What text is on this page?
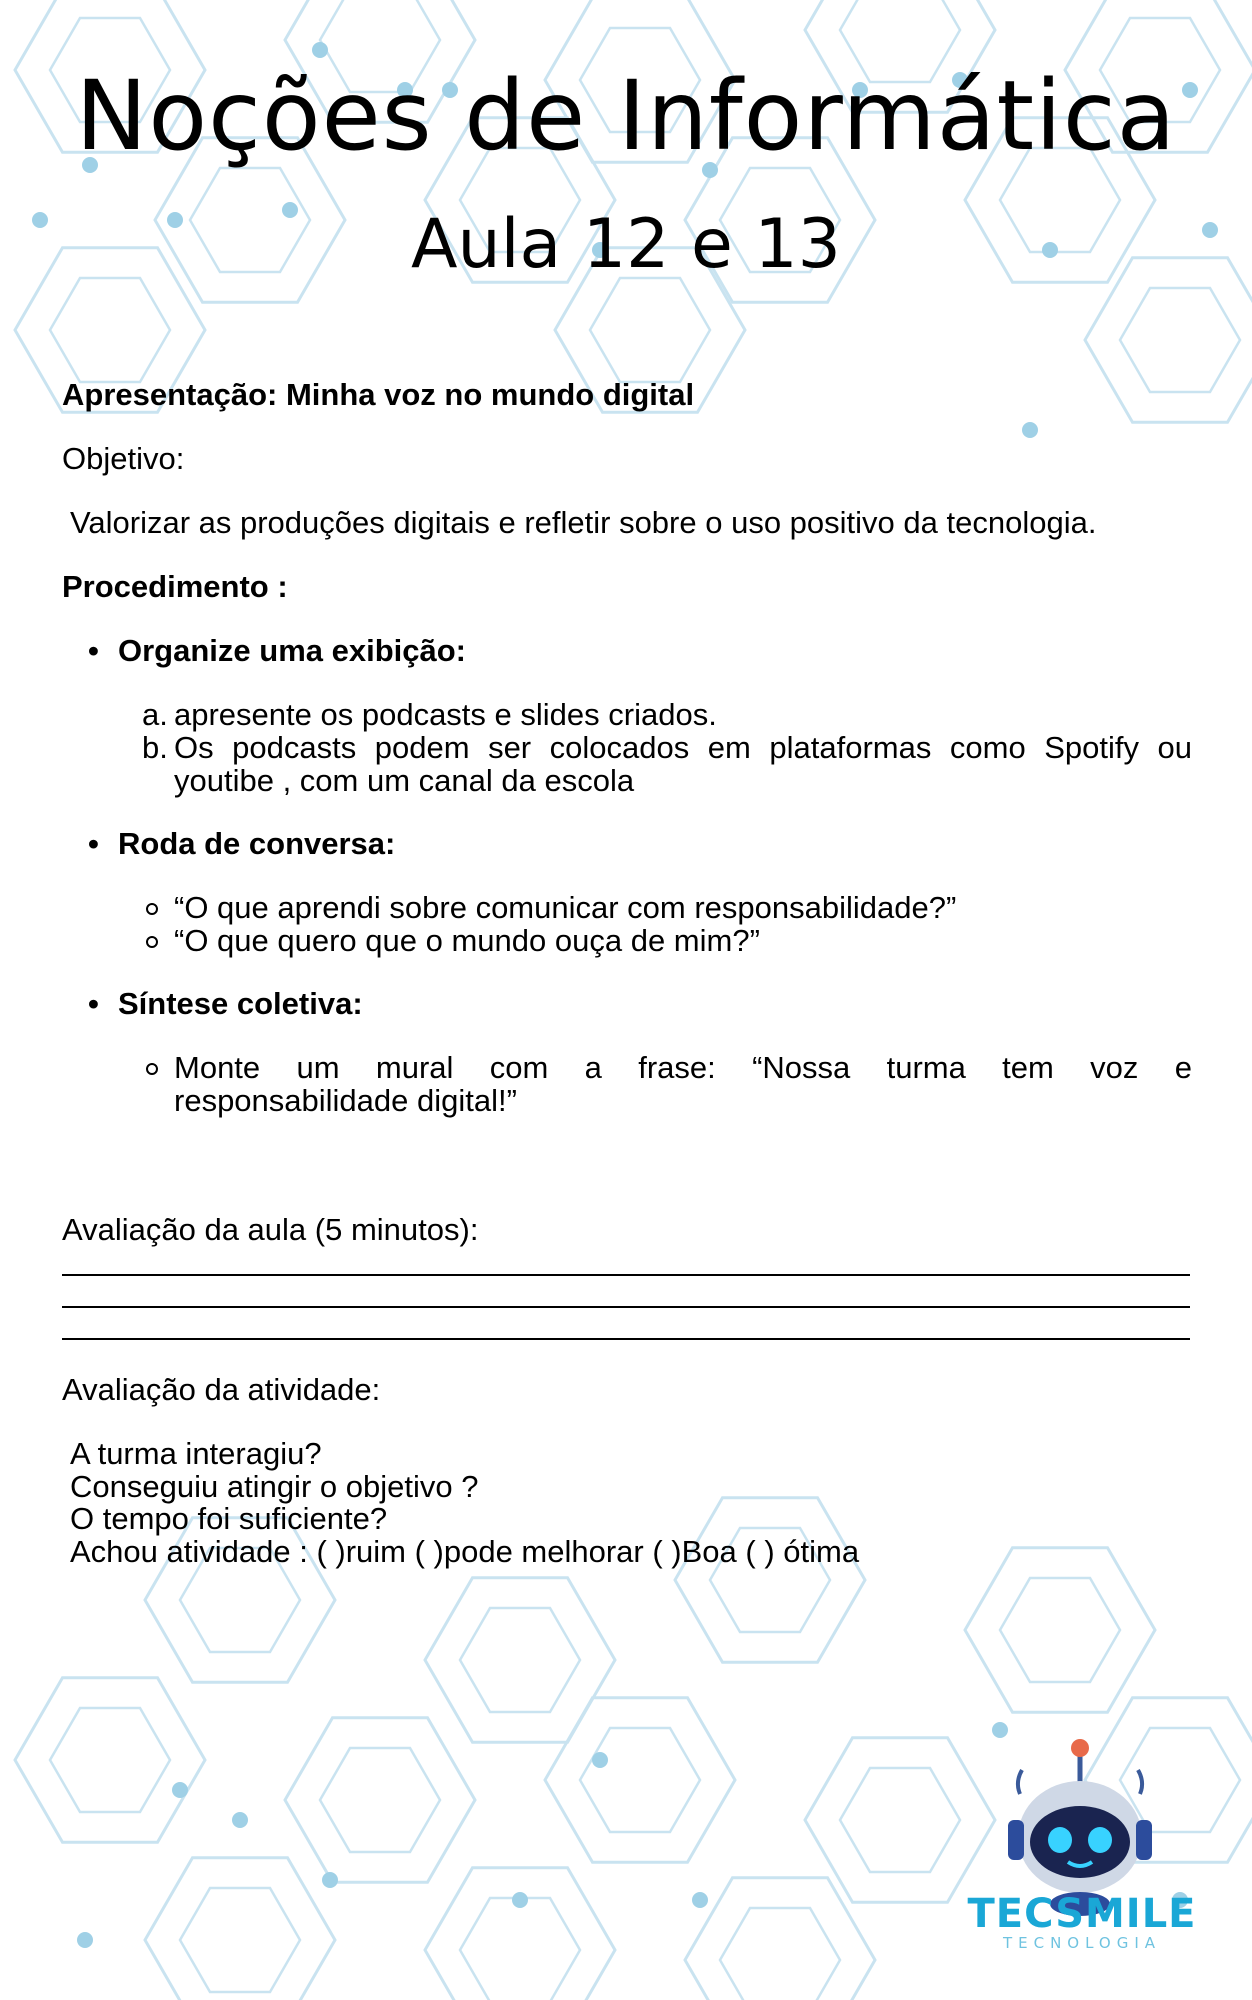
Noções de Informática
Aula 12 e 13
Apresentação: Minha voz no mundo digital
Objetivo:
Valorizar as produções digitais e refletir sobre o uso positivo da tecnologia.
Procedimento :
• Organize uma exibição:
a. apresente os podcasts e slides criados.
b. Os podcasts podem ser colocados em plataformas como Spotify ou
youtibe , com um canal da escola
• Roda de conversa:
“O que aprendi sobre comunicar com responsabilidade?”
“O que quero que o mundo ouça de mim?”
• Síntese coletiva:
Monte um mural com a frase: “Nossa turma tem voz e
responsabilidade digital!”
Avaliação da aula (5 minutos):
Avaliação da atividade:
A turma interagiu?
Conseguiu atingir o objetivo ?
O tempo foi suficiente?
Achou atividade : ( )ruim ( )pode melhorar ( )Boa ( ) ótima
TECSMILE
TECNOLOGIA
